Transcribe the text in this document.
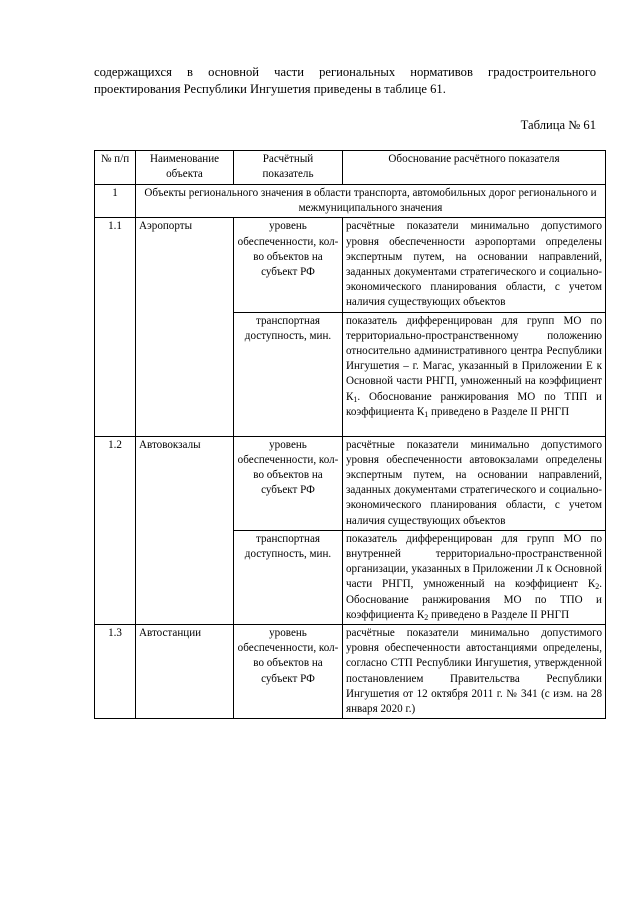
содержащихся в основной части региональных нормативов градостроительного
проектирования Республики Ингушетия приведены в таблице 61.
Таблица № 61
№ п/п	Наименование объекта	Расчётный показатель	Обоснование расчётного показателя
1	Объекты регионального значения в области транспорта, автомобильных дорог регионального и межмуниципального значения		
1.1	Аэропорты	уровень обеспеченности, кол-во объектов на субъект РФ	расчётные показатели минимально допустимого уровня обеспеченности аэропортами определены экспертным путем, на основании направлений, заданных документами стратегического и социально-экономического планирования области, с учетом наличия существующих объектов
		транспортная доступность, мин.	показатель дифференцирован для групп МО по территориально-пространственному положению относительно административного центра Республики Ингушетия – г. Магас, указанный в Приложении Е к Основной части РНГП, умноженный на коэффициент $К_1$. Обоснование ранжирования МО по ТПП и коэффициента $К_1$ приведено в Разделе II РНГП
1.2	Автовокзалы	уровень обеспеченности, кол-во объектов на субъект РФ	расчётные показатели минимально допустимого уровня обеспеченности автовокзалами определены экспертным путем, на основании направлений, заданных документами стратегического и социально-экономического планирования области, с учетом наличия существующих объектов
		транспортная доступность, мин.	показатель дифференцирован для групп МО по внутренней территориально-пространственной организации, указанных в Приложении Л к Основной части РНГП, умноженный на коэффициент $К_2$. Обоснование ранжирования МО по ТПО и коэффициента $К_2$ приведено в Разделе II РНГП
1.3	Автостанции	уровень обеспеченности, кол-во объектов на субъект РФ	расчётные показатели минимально допустимого уровня обеспеченности автостанциями определены, согласно СТП Республики Ингушетия, утвержденной постановлением Правительства Республики Ингушетия от 12 октября 2011 г. № 341 (с изм. на 28 января 2020 г.)
